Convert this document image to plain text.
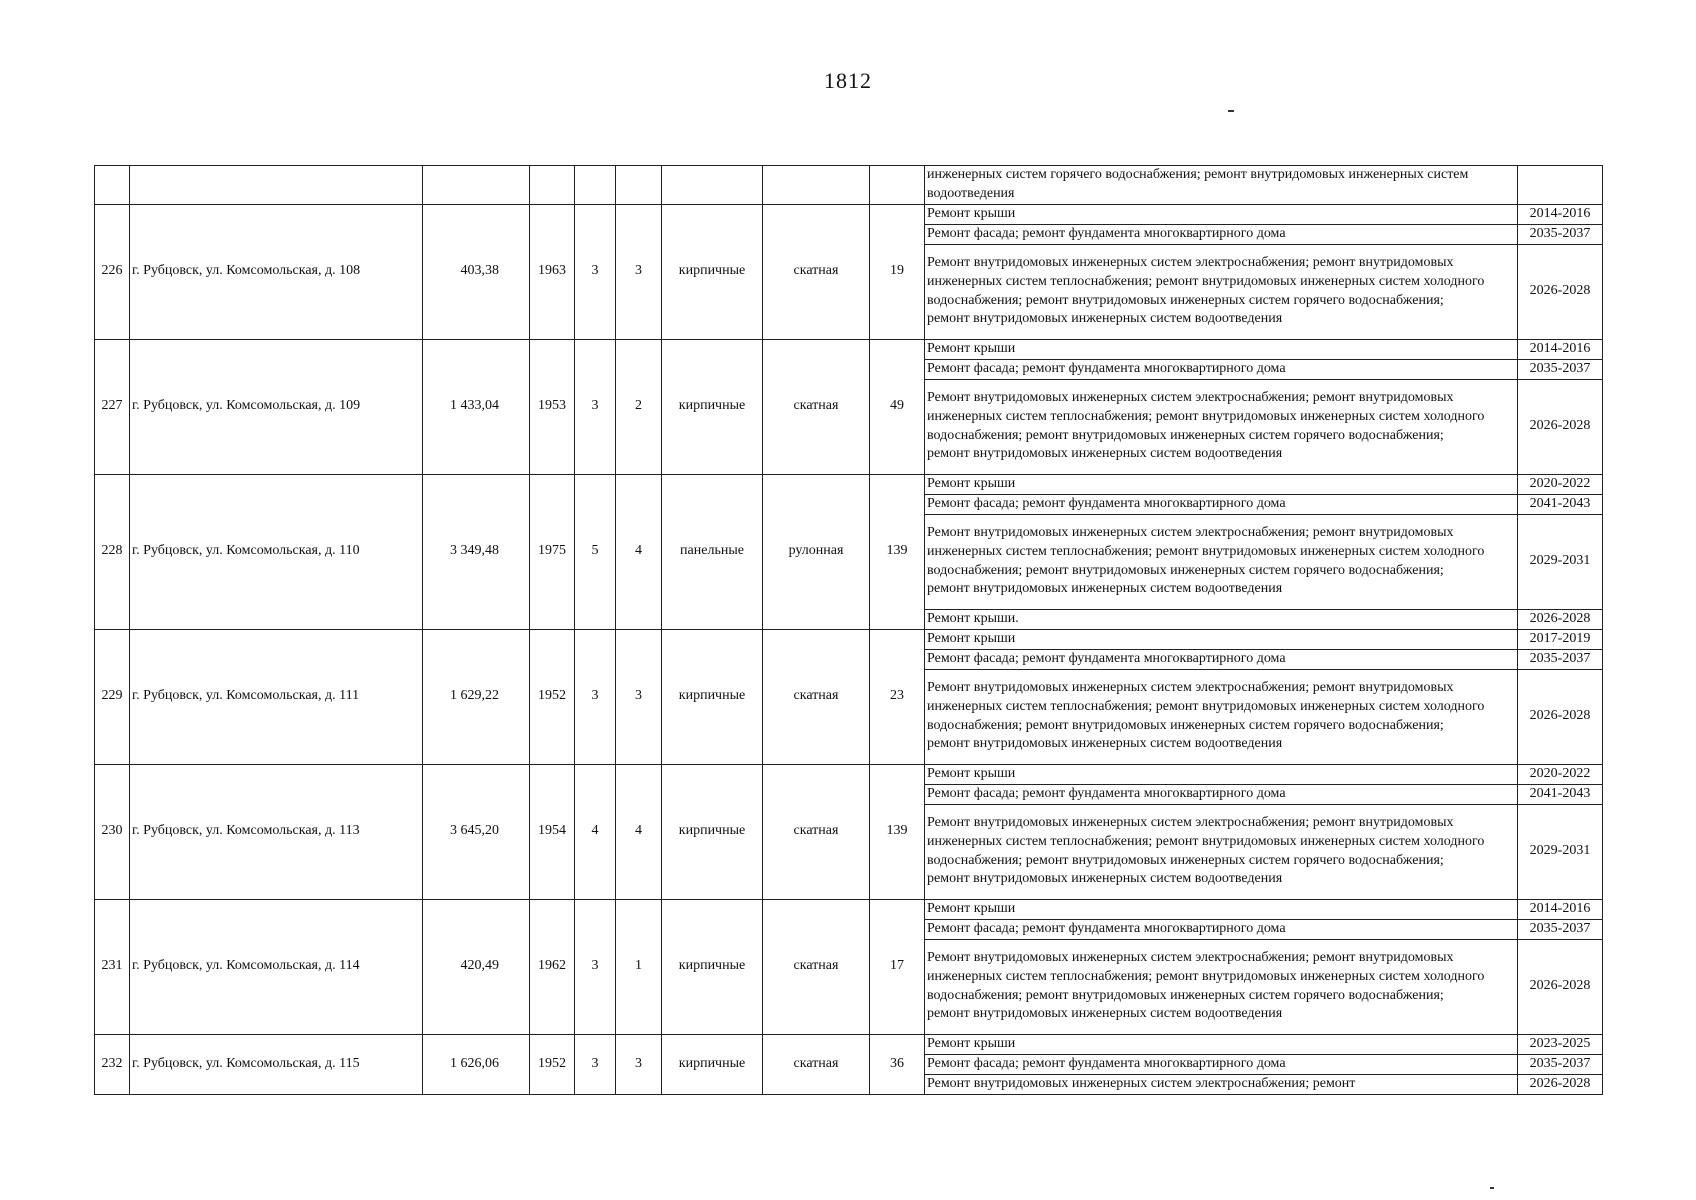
1812

									инженерных систем горячего водоснабжения; ремонт внутридомовых инженерных систем водоотведения	

226	г. Рубцовск, ул. Комсомольская, д. 108	403,38	1963	3	3	кирпичные	скатная	19	Ремонт крыши	2014-2016

									Ремонт фасада; ремонт фундамента многоквартирного дома	2035-2037

									Ремонт внутридомовых инженерных систем электроснабжения; ремонт внутридомовых инженерных систем теплоснабжения; ремонт внутридомовых инженерных систем холодного водоснабжения; ремонт внутридомовых инженерных систем горячего водоснабжения; ремонт внутридомовых инженерных систем водоотведения	2026-2028
227	г. Рубцовск, ул. Комсомольская, д. 109	1 433,04	1953	3	2	кирпичные	скатная	49	Ремонт крыши	2014-2016

									Ремонт фасада; ремонт фундамента многоквартирного дома	2035-2037

									Ремонт внутридомовых инженерных систем электроснабжения; ремонт внутридомовых инженерных систем теплоснабжения; ремонт внутридомовых инженерных систем холодного водоснабжения; ремонт внутридомовых инженерных систем горячего водоснабжения; ремонт внутридомовых инженерных систем водоотведения	2026-2028
228	г. Рубцовск, ул. Комсомольская, д. 110	3 349,48	1975	5	4	панельные	рулонная	139	Ремонт крыши	2020-2022

									Ремонт фасада; ремонт фундамента многоквартирного дома	2041-2043

									Ремонт внутридомовых инженерных систем электроснабжения; ремонт внутридомовых инженерных систем теплоснабжения; ремонт внутридомовых инженерных систем холодного водоснабжения; ремонт внутридомовых инженерных систем горячего водоснабжения; ремонт внутридомовых инженерных систем водоотведения	2029-2031

									Ремонт крыши.	2026-2028
229	г. Рубцовск, ул. Комсомольская, д. 111	1 629,22	1952	3	3	кирпичные	скатная	23	Ремонт крыши	2017-2019

									Ремонт фасада; ремонт фундамента многоквартирного дома	2035-2037

									Ремонт внутридомовых инженерных систем электроснабжения; ремонт внутридомовых инженерных систем теплоснабжения; ремонт внутридомовых инженерных систем холодного водоснабжения; ремонт внутридомовых инженерных систем горячего водоснабжения; ремонт внутридомовых инженерных систем водоотведения	2026-2028
230	г. Рубцовск, ул. Комсомольская, д. 113	3 645,20	1954	4	4	кирпичные	скатная	139	Ремонт крыши	2020-2022

									Ремонт фасада; ремонт фундамента многоквартирного дома	2041-2043

									Ремонт внутридомовых инженерных систем электроснабжения; ремонт внутридомовых инженерных систем теплоснабжения; ремонт внутридомовых инженерных систем холодного водоснабжения; ремонт внутридомовых инженерных систем горячего водоснабжения; ремонт внутридомовых инженерных систем водоотведения	2029-2031
231	г. Рубцовск, ул. Комсомольская, д. 114	420,49	1962	3	1	кирпичные	скатная	17	Ремонт крыши	2014-2016

									Ремонт фасада; ремонт фундамента многоквартирного дома	2035-2037

									Ремонт внутридомовых инженерных систем электроснабжения; ремонт внутридомовых инженерных систем теплоснабжения; ремонт внутридомовых инженерных систем холодного водоснабжения; ремонт внутридомовых инженерных систем горячего водоснабжения; ремонт внутридомовых инженерных систем водоотведения	2026-2028
232	г. Рубцовск, ул. Комсомольская, д. 115	1 626,06	1952	3	3	кирпичные	скатная	36	Ремонт крыши	2023-2025

									Ремонт фасада; ремонт фундамента многоквартирного дома	2035-2037

									Ремонт внутридомовых инженерных систем электроснабжения; ремонт	2026-2028
